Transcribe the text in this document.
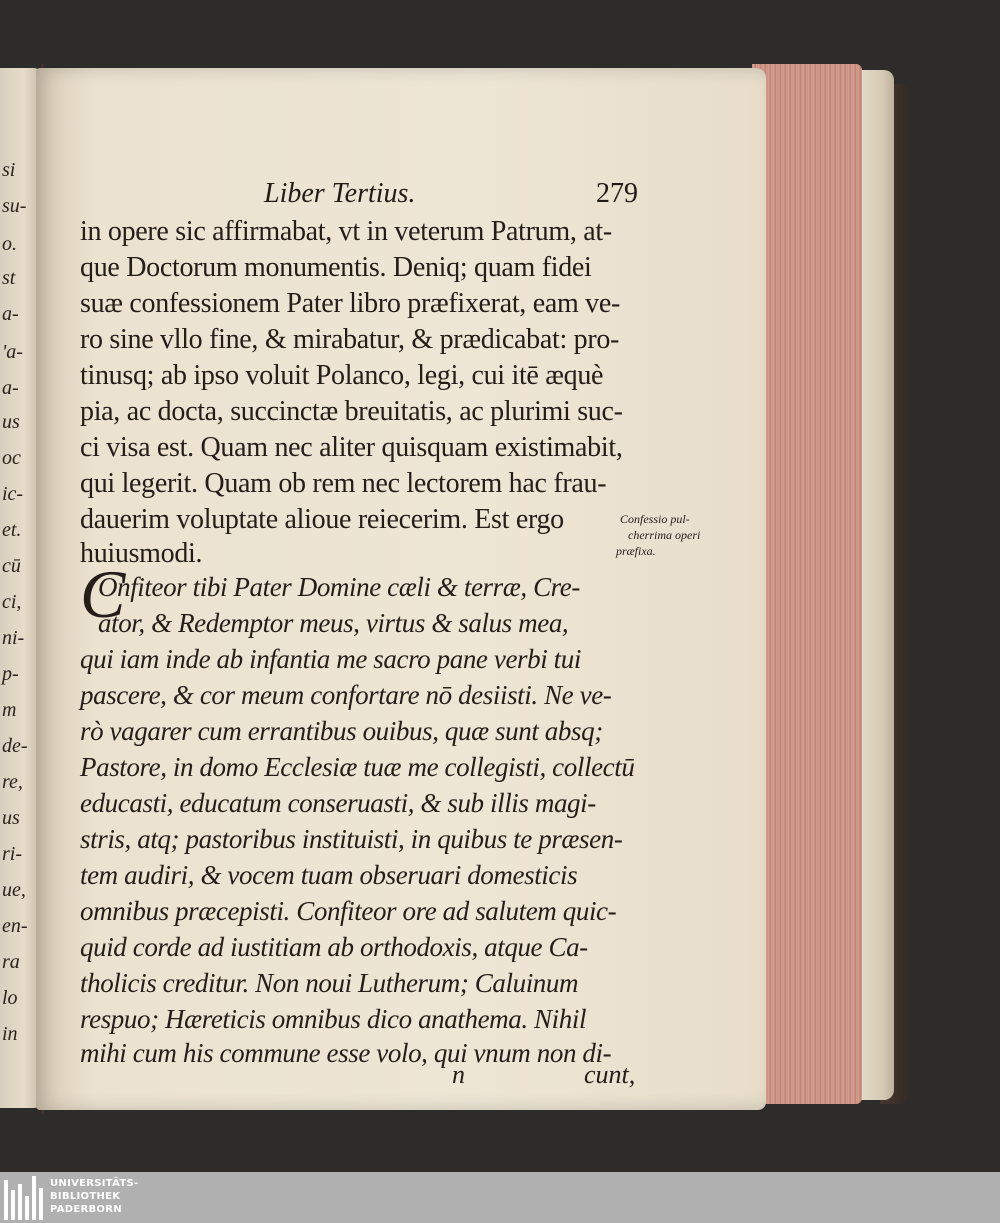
si
su-
o.
st
a-
'a-
a-
us
oc
ic-
et.
cū
ci,
ni-
p-
m
de-
re,
us
ri-
ue,
en-
ra
lo
in
Liber Tertius.	279
in opere sic affirmabat, vt in veterum Patrum, at-
que Doctorum monumentis. Deniq; quam fidei
suæ confessionem Pater libro præfixerat, eam ve-
ro sine vllo fine, & mirabatur, & prædicabat: pro-
tinusq; ab ipso voluit Polanco, legi, cui itē æquè
pia, ac docta, succinctæ breuitatis, ac plurimi suc-
ci visa est. Quam nec aliter quisquam existimabit,
qui legerit. Quam ob rem nec lectorem hac frau-
dauerim voluptate alioue reiecerim. Est ergo
huiusmodi.
C
Onfiteor tibi Pater Domine cæli & terræ, Cre-
ator, & Redemptor meus, virtus & salus mea,
qui iam inde ab infantia me sacro pane verbi tui
pascere, & cor meum confortare nō desiisti. Ne ve-
rò vagarer cum errantibus ouibus, quæ sunt absq;
Pastore, in domo Ecclesiæ tuæ me collegisti, collectū
educasti, educatum conseruasti, & sub illis magi-
stris, atq; pastoribus instituisti, in quibus te præsen-
tem audiri, & vocem tuam obseruari domesticis
omnibus præcepisti. Confiteor ore ad salutem quic-
quid corde ad iustitiam ab orthodoxis, atque Ca-
tholicis creditur. Non noui Lutherum; Caluinum
respuo; Hæreticis omnibus dico anathema. Nihil
mihi cum his commune esse volo, qui vnum non di-
Confessio pul-
cherrima operi
præfixa.
n	cunt,
UNIVERSITÄTS-
BIBLIOTHEK
PADERBORN
